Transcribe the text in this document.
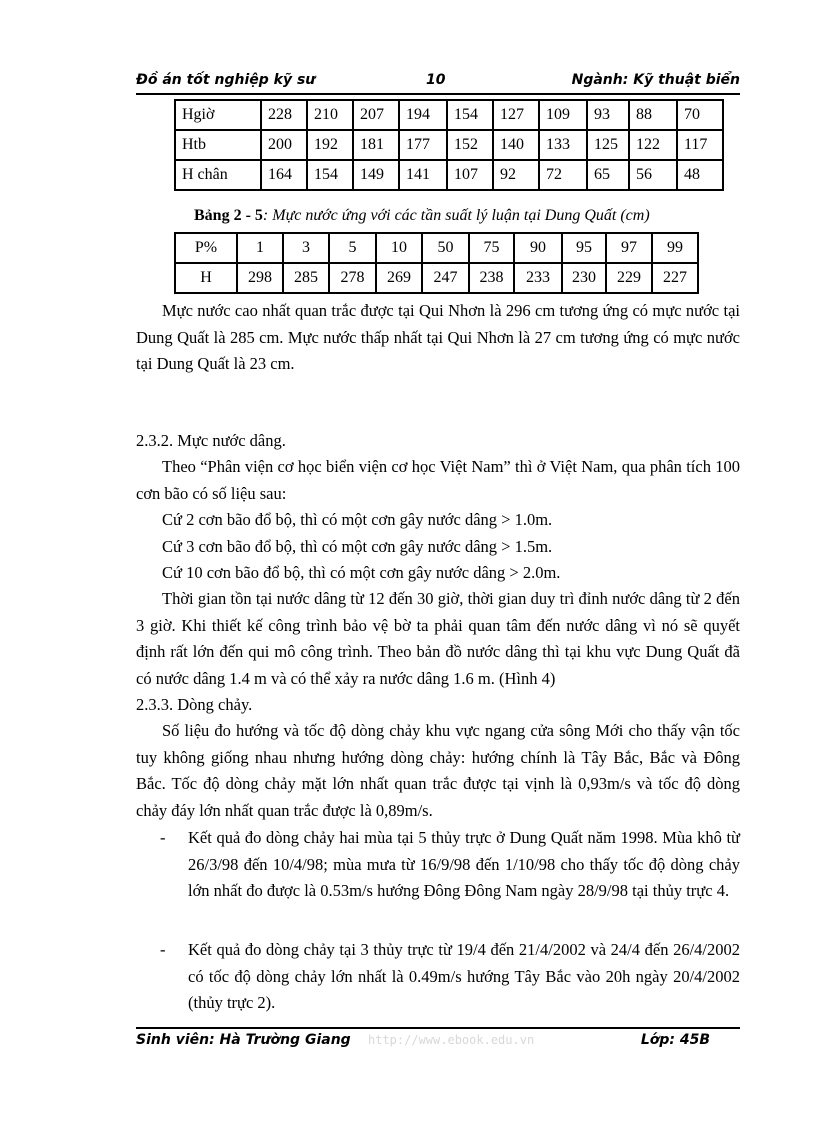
Đồ án tốt nghiệp kỹ sư	10	Ngành: Kỹ thuật biển
Hgiờ	228	210	207	194	154	127	109	93	88	70
Htb	200	192	181	177	152	140	133	125	122	117
H chân	164	154	149	141	107	92	72	65	56	48
Bảng 2 - 5: Mực nước ứng với các tần suất lý luận tại Dung Quất (cm)
P%	1	3	5	10	50	75	90	95	97	99
H	298	285	278	269	247	238	233	230	229	227
Mực nước cao nhất quan trắc được tại Qui Nhơn là 296 cm tương ứng có mực nước tại Dung Quất là 285 cm. Mực nước thấp nhất tại Qui Nhơn là 27 cm tương ứng có mực nước tại Dung Quất là 23 cm.
2.3.2. Mực nước dâng.
Theo “Phân viện cơ học biển viện cơ học Việt Nam” thì ở Việt Nam, qua phân tích 100 cơn bão có số liệu sau:
Cứ 2 cơn bão đổ bộ, thì có một cơn gây nước dâng > 1.0m.
Cứ 3 cơn bão đổ bộ, thì có một cơn gây nước dâng > 1.5m.
Cứ 10 cơn bão đổ bộ, thì có một cơn gây nước dâng > 2.0m.
Thời gian tồn tại nước dâng từ 12 đến 30 giờ, thời gian duy trì đỉnh nước dâng từ 2 đến 3 giờ. Khi thiết kế công trình bảo vệ bờ ta phải quan tâm đến nước dâng vì nó sẽ quyết định rất lớn đến qui mô công trình. Theo bản đồ nước dâng thì tại khu vực Dung Quất đã có nước dâng 1.4 m và có thể xảy ra nước dâng 1.6 m. (Hình 4)
2.3.3. Dòng chảy.
Số liệu đo hướng và tốc độ dòng chảy khu vực ngang cửa sông Mới cho thấy vận tốc tuy không giống nhau nhưng hướng dòng chảy: hướng chính là Tây Bắc, Bắc và Đông Bắc. Tốc độ dòng chảy mặt lớn nhất quan trắc được tại vịnh là 0,93m/s và tốc độ dòng chảy đáy lớn nhất quan trắc được là 0,89m/s.
- Kết quả đo dòng chảy hai mùa tại 5 thủy trực ở Dung Quất năm 1998. Mùa khô từ 26/3/98 đến 10/4/98; mùa mưa từ 16/9/98 đến 1/10/98 cho thấy tốc độ dòng chảy lớn nhất đo được là 0.53m/s hướng Đông Đông Nam ngày 28/9/98 tại thủy trực 4.
- Kết quả đo dòng chảy tại 3 thủy trực từ 19/4 đến 21/4/2002 và 24/4 đến 26/4/2002 có tốc độ dòng chảy lớn nhất là 0.49m/s hướng Tây Bắc vào 20h ngày 20/4/2002 (thủy trực 2).
Sinh viên: Hà Trường Giang http://www.ebook.edu.vn	Lớp: 45B
